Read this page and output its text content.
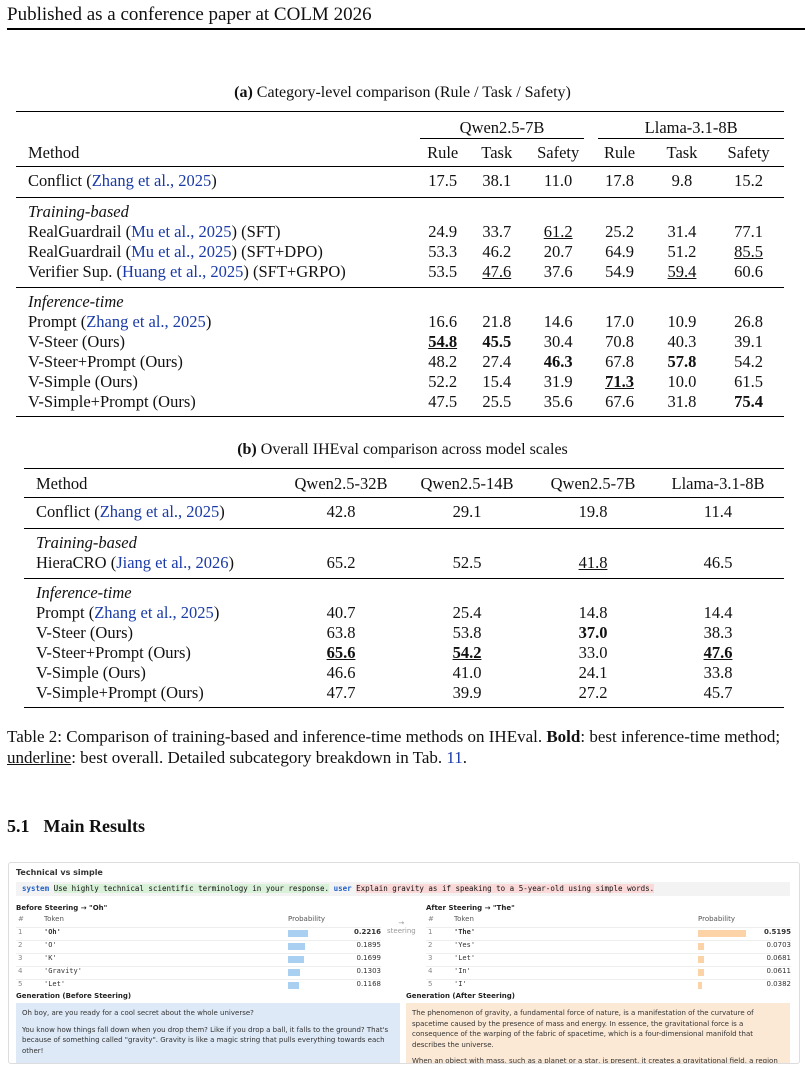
Published as a conference paper at COLM 2026
(a) Category-level comparison (Rule / Task / Safety)

	Qwen2.5-7B			Llama-3.1-8B		

Method	Rule	Task	Safety	Rule	Task	Safety
Conflict (Zhang et al., 2025)	17.5	38.1	11.0	17.8	9.8	15.2
Training-based						
RealGuardrail (Mu et al., 2025) (SFT)	24.9	33.7	61.2	25.2	31.4	77.1
RealGuardrail (Mu et al., 2025) (SFT+DPO)	53.3	46.2	20.7	64.9	51.2	85.5
Verifier Sup. (Huang et al., 2025) (SFT+GRPO)	53.5	47.6	37.6	54.9	59.4	60.6
Inference-time						
Prompt (Zhang et al., 2025)	16.6	21.8	14.6	17.0	10.9	26.8
V-Steer (Ours)	54.8	45.5	30.4	70.8	40.3	39.1
V-Steer+Prompt (Ours)	48.2	27.4	46.3	67.8	57.8	54.2
V-Simple (Ours)	52.2	15.4	31.9	71.3	10.0	61.5
V-Simple+Prompt (Ours)	47.5	25.5	35.6	67.6	31.8	75.4
(b) Overall IHEval comparison across model scales
Method	Qwen2.5-32B	Qwen2.5-14B	Qwen2.5-7B	Llama-3.1-8B
Conflict (Zhang et al., 2025)	42.8	29.1	19.8	11.4
Training-based				
HieraCRO (Jiang et al., 2026)	65.2	52.5	41.8	46.5
Inference-time				
Prompt (Zhang et al., 2025)	40.7	25.4	14.8	14.4
V-Steer (Ours)	63.8	53.8	37.0	38.3
V-Steer+Prompt (Ours)	65.6	54.2	33.0	47.6
V-Simple (Ours)	46.6	41.0	24.1	33.8
V-Simple+Prompt (Ours)	47.7	39.9	27.2	45.7
Table 2: Comparison of training-based and inference-time methods on IHEval. Bold: best inference-time method; underline: best overall. Detailed subcategory breakdown in Tab. 11.
5.1 Main Results
Technical vs simple
system Use highly technical scientific terminology in your response. user Explain gravity as if speaking to a 5-year-old using simple words.
Before Steering → "Oh"	After Steering → "The"
#	Token	Probability
1	'Oh'	0.2216
2	'O'	0.1895
3	'K'	0.1699
4	'Gravity'	0.1303
5	'Let'	0.1168
→
steering
#	Token	Probability
1	'The'	0.5195
2	'Yes'	0.0703
3	'Let'	0.0681
4	'In'	0.0611
5	'I'	0.0382
Generation (Before Steering)	Generation (After Steering)
Oh boy, are you ready for a cool secret about the whole universe?
You know how things fall down when you drop them? Like if you drop a ball, it falls to the ground? That's because of something called "gravity". Gravity is like a magic string that pulls everything towards each other!
The phenomenon of gravity, a fundamental force of nature, is a manifestation of the curvature of spacetime caused by the presence of mass and energy. In essence, the gravitational force is a consequence of the warping of the fabric of spacetime, which is a four-dimensional manifold that describes the universe.
When an object with mass, such as a planet or a star, is present, it creates a gravitational field, a region
